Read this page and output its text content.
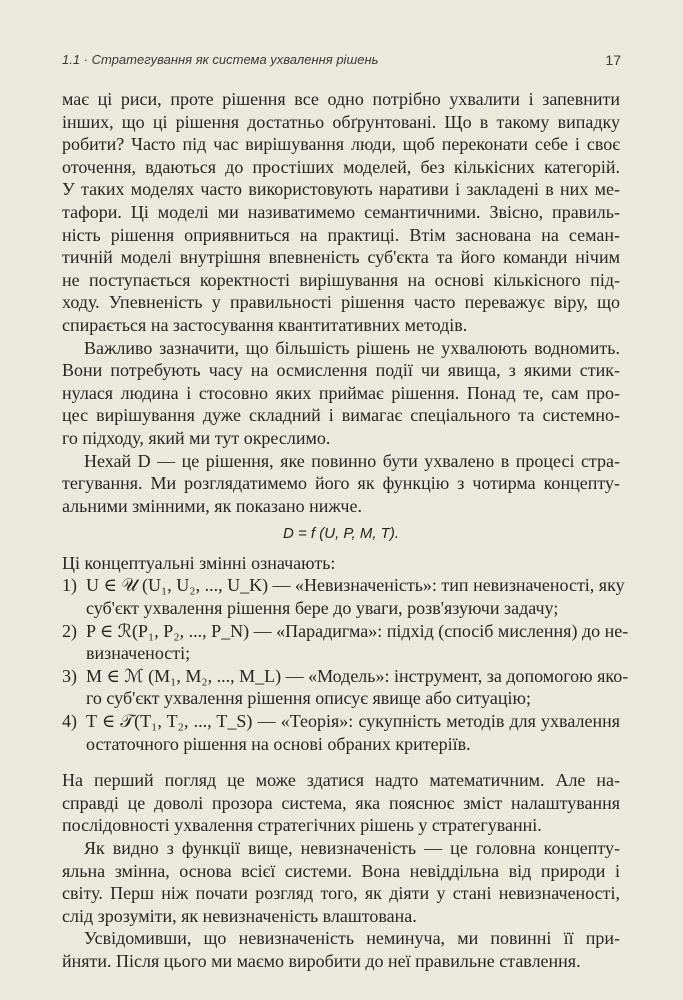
1.1 · Стратегування як система ухвалення рішень	17
має ці риси, проте рішення все одно потрібно ухвалити і запевнити
інших, що ці рішення достатньо обґрунтовані. Що в такому випадку
робити? Часто під час вирішування люди, щоб переконати себе і своє
оточення, вдаються до простіших моделей, без кількісних категорій.
У таких моделях часто використовують наративи і закладені в них ме-
тафори. Ці моделі ми називатимемо семантичними. Звісно, правиль-
ність рішення оприявниться на практиці. Втім заснована на семан-
тичній моделі внутрішня впевненість суб'єкта та його команди нічим
не поступається коректності вирішування на основі кількісного під-
ходу. Упевненість у правильності рішення часто переважує віру, що
спирається на застосування квантитативних методів.
Важливо зазначити, що більшість рішень не ухвалюють водномить.
Вони потребують часу на осмислення події чи явища, з якими стик-
нулася людина і стосовно яких приймає рішення. Понад те, сам про-
цес вирішування дуже складний і вимагає спеціального та системно-
го підходу, який ми тут окреслимо.
Нехай D — це рішення, яке повинно бути ухвалено в процесі стра-
тегування. Ми розглядатимемо його як функцію з чотирма концепту-
альними змінними, як показано нижче.
D = f (U, P, M, T).
Ці концептуальні змінні означають:
1) U ∈ 𝒰 (U₁, U₂, ..., U_K) — «Невизначеність»: тип невизначеності, яку
суб'єкт ухвалення рішення бере до уваги, розв'язуючи задачу;
2) P ∈ ℛ(P₁, P₂, ..., P_N) — «Парадигма»: підхід (спосіб мислення) до не-
визначеності;
3) M ∈ ℳ (M₁, M₂, ..., M_L) — «Модель»: інструмент, за допомогою яко-
го суб'єкт ухвалення рішення описує явище або ситуацію;
4) T ∈ 𝒯(T₁, T₂, ..., T_S) — «Теорія»: сукупність методів для ухвалення
остаточного рішення на основі обраних критеріїв.
На перший погляд це може здатися надто математичним. Але на-
справді це доволі прозора система, яка пояснює зміст налаштування
послідовності ухвалення стратегічних рішень у стратегуванні.
Як видно з функції вище, невизначеність — це головна концепту-
яльна змінна, основа всієї системи. Вона невіддільна від природи і
світу. Перш ніж почати розгляд того, як діяти у стані невизначеності,
слід зрозуміти, як невизначеність влаштована.
Усвідомивши, що невизначеність неминуча, ми повинні її при-
йняти. Після цього ми маємо виробити до неї правильне ставлення.
